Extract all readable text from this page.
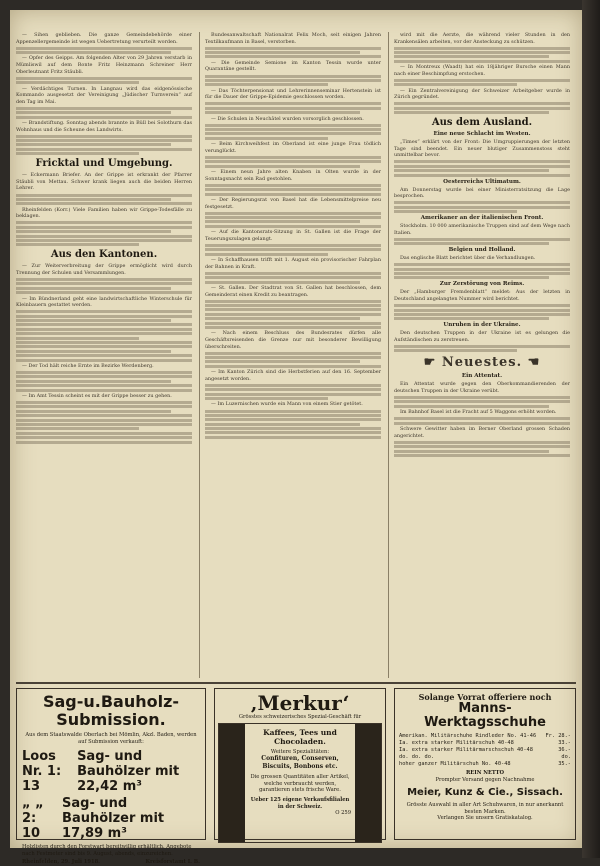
— Sihen geblieben. Die ganze Gemeindebehörde einer Appenzellergemeinde ist wegen Uebertretung verurteilt worden.

— Opfer des Geipps. Am folgenden Alter von 29 Jahren verstarb in Mümliswil auf dem Ronte Fritz Heinzmann Schreiner Herr Oberleutnant Fritz Stäubli.

— Verdächtiges Turnen. In Langnau wird das eidgenössische Kommando ausgesetzt der Vereinigung „Jüdischer Turnverein“ auf den Tag im Mai.

— Brandstiftung. Sonntag abends brannte in Büll bei Solothurn das Wohnhaus und die Scheune des Landwirts.

Fricktal und Umgebung.

— Eckermann Briefer. An der Grippe ist erkrankt der Pfarrer Stäubli von Mettau. Schwer krank liegen auch die beiden Herren Lehrer.

Rheinfelden (Korr.) Viele Familien haben wir Grippe-Todesfälle zu beklagen.

Aus den Kantonen.

— Zur Weiterverbreitung der Grippe ermöglicht wird durch Trennung der Schulen und Versammlungen.

— Im Bündnerland geht eine landwirtschaftliche Winterschule für Kleinbauern gestattet werden.

— Der Tod hält reiche Ernte im Bezirke Werdenberg.

— Im Amt Tessin scheint es mit der Grippe besser zu gehen.

Bundesanwaltschaft Nationalrat Felix Moch, seit einigen Jahren Textilkaufmann in Basel, verstorben.

— Die Gemeinde Semione im Kanton Tessin wurde unter Quarantäne gestellt.

— Das Töchterpensionat und Lehrerinnenseminar Hertenstein ist für die Dauer der Grippe-Epidemie geschlossen worden.

— Die Schulen in Neuchâtel wurden vorsorglich geschlossen.

— Beim Kirchweihfest im Oberland ist eine junge Frau tödlich verunglückt.

— Einem neun Jahre alten Knaben in Olten wurde in der Sonntagsnacht sein Rad gestohlen.

— Der Regierungsrat von Basel hat die Lebensmittelpreise neu festgesetzt.

— Auf die Kantonsrats-Sitzung in St. Gallen ist die Frage der Teuerungszulagen gelangt.

— In Schaffhausen trifft mit 1. August ein provisorischer Fahrplan der Bahnen in Kraft.

— St. Gallen. Der Stadtrat von St. Gallen hat beschlossen, dem Gemeinderat einen Kredit zu beantragen.

— Nach einem Beschluss des Bundesrates dürfen alle Geschäftsreisenden die Grenze nur mit besonderer Bewilligung überschreiten.

— Im Kanton Zürich sind die Herbstferien auf den 16. September angesetzt worden.

— Im Luzernischen wurde ein Mann von einem Stier getötet.

wird mit die Aerzte, die während vieler Stunden in den Krankensälen arbeiten, vor der Ansteckung zu schützen.

— In Montreux (Waadt) hat ein 18jähriger Bursche einen Mann nach einer Beschimpfung erstochen.

— Ein Zentralvereinigung der Schweizer Arbeitgeber wurde in Zürich gegründet.

Aus dem Ausland.
Eine neue Schlacht im Westen.

„Times“ erklärt von der Front: Die Umgruppierungen der letzten Tage sind beendet. Ein neuer blutiger Zusammenstoss steht unmittelbar bevor.

Oesterreichs Ultimatum.

Am Donnerstag wurde bei einer Ministerratsitzung die Lage besprochen.

Amerikaner an der italienischen Front.

Stockholm. 10 000 amerikanische Truppen sind auf dem Wege nach Italien.

Belgien und Holland.

Das englische Blatt berichtet über die Verhandlungen.

Zur Zerstörung von Reims.

Der „Hamburger Fremdenblatt“ meldet: Aus der letzten in Deutschland angelangten Nummer wird berichtet.

Unruhen in der Ukraine.

Den deutschen Truppen in der Ukraine ist es gelungen die Aufständischen zu zerstreuen.

☛ Neuestes. ☚
Ein Attentat.

Ein Attentat wurde gegen den Oberkommandierenden der deutschen Truppen in der Ukraine verübt.

Im Bahnhof Basel ist die Fracht auf 5 Waggons erhöht worden.

Schwere Gewitter haben im Berner Oberland grossen Schaden angerichtet.

Sag-u.Bauholz-
Submission.
Aus dem Staatswalde Oberlach bei Mömlin, Akzl. Baden, werden auf Submission verkauft:
Loos Nr. 1: 13
Sag- und Bauhölzer mit 22,42 m³
„ „ 2: 10
Sag- und Bauhölzer mit 17,89 m³
Holzlisten durch den Forstwart bereitwillig erhältlich. Angebote nach Festmeter sind bis 9. August, abends, einzureichen.
Rheinfelden, 29. Juli 1918.	Kreisforstamt I. B.
‚Merkur‘
Grösstes schweizerisches Spezial-Geschäft für
Kaffees, Tees und Chocoladen.
Weitere Spezialitäten:
Confituren, Conserven, Biscuits, Bonbons etc.
Die grossen Quantitäten aller Artikel, welche verbraucht werden, garantieren stets frische Ware.
Ueber 125 eigene Verkaufsfilialen in der Schweiz.
O 259
Solange Vorrat offeriere noch
Manns-Werktagsschuhe
Amerikan. Militärschuhe Rindleder No. 41-46 Fr. 28.-
Ia. extra starker Militärschuh 40-48	33.-
Ia. extra starker Militärmarschschuh 40-48	36.-
do. do. do.	do.
hoher ganzer Militärschuh No. 40-48	35.-
REIN NETTO
Prompter Versand gegen Nachnahme
Meier, Kunz & Cie., Sissach.
Grösste Auswahl in aller Art Schuhwaren, in nur anerkannt besten Marken.
Verlangen Sie unsern Gratiskatalog.
